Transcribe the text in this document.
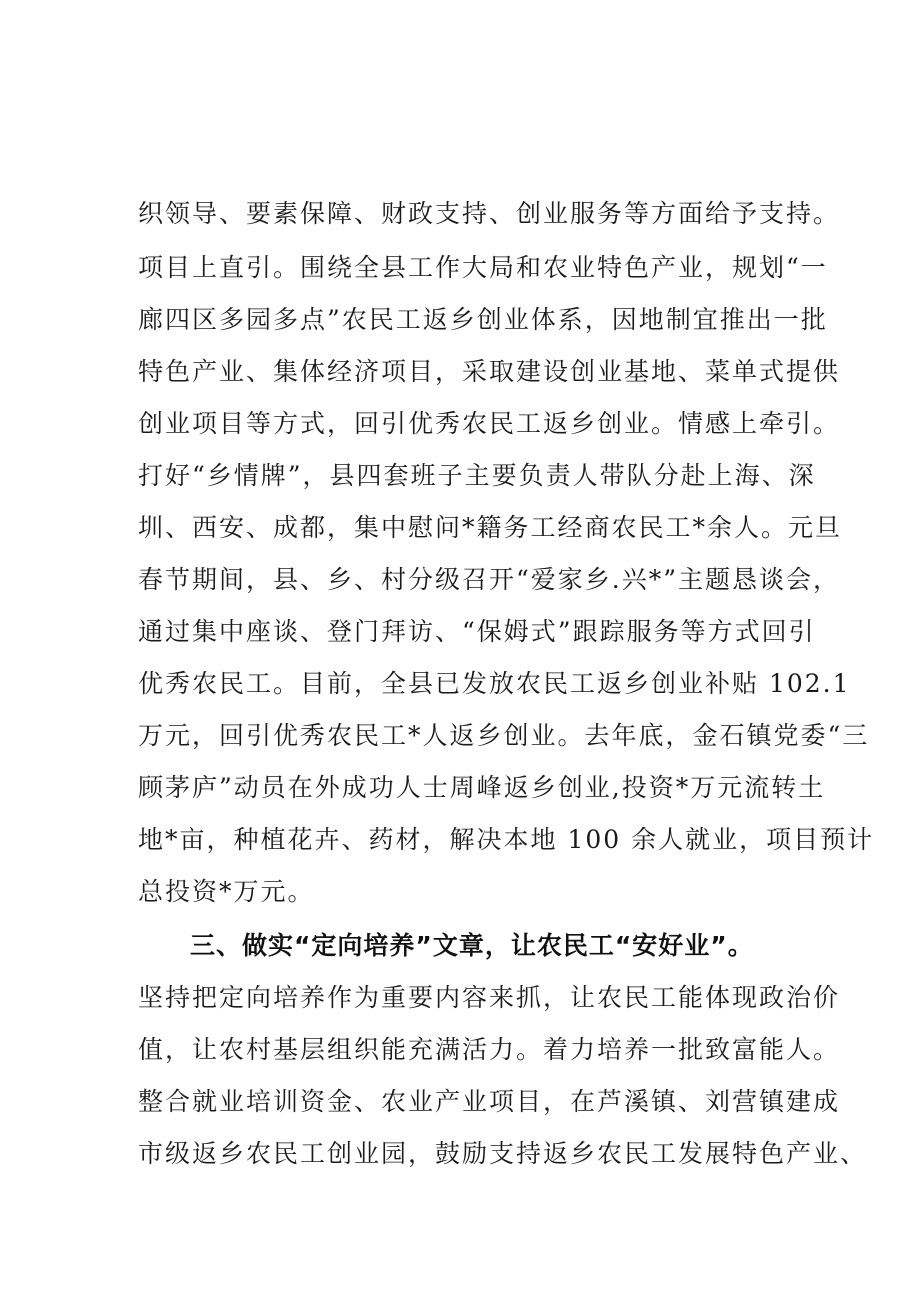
织领导、要素保障、财政支持、创业服务等方面给予支持。
项目上直引。围绕全县工作大局和农业特色产业，规划“一
廊四区多园多点”农民工返乡创业体系，因地制宜推出一批
特色产业、集体经济项目，采取建设创业基地、菜单式提供
创业项目等方式，回引优秀农民工返乡创业。情感上牵引。
打好“乡情牌”，县四套班子主要负责人带队分赴上海、深
圳、西安、成都，集中慰问*籍务工经商农民工*余人。元旦
春节期间，县、乡、村分级召开“爱家乡.兴*”主题恳谈会，
通过集中座谈、登门拜访、“保姆式”跟踪服务等方式回引
优秀农民工。目前，全县已发放农民工返乡创业补贴 102.1
万元，回引优秀农民工*人返乡创业。去年底，金石镇党委“三
顾茅庐”动员在外成功人士周峰返乡创业,投资*万元流转土
地*亩，种植花卉、药材，解决本地 100 余人就业，项目预计
总投资*万元。
三、做实“定向培养”文章，让农民工“安好业”。
坚持把定向培养作为重要内容来抓，让农民工能体现政治价
值，让农村基层组织能充满活力。着力培养一批致富能人。
整合就业培训资金、农业产业项目，在芦溪镇、刘营镇建成
市级返乡农民工创业园，鼓励支持返乡农民工发展特色产业、
